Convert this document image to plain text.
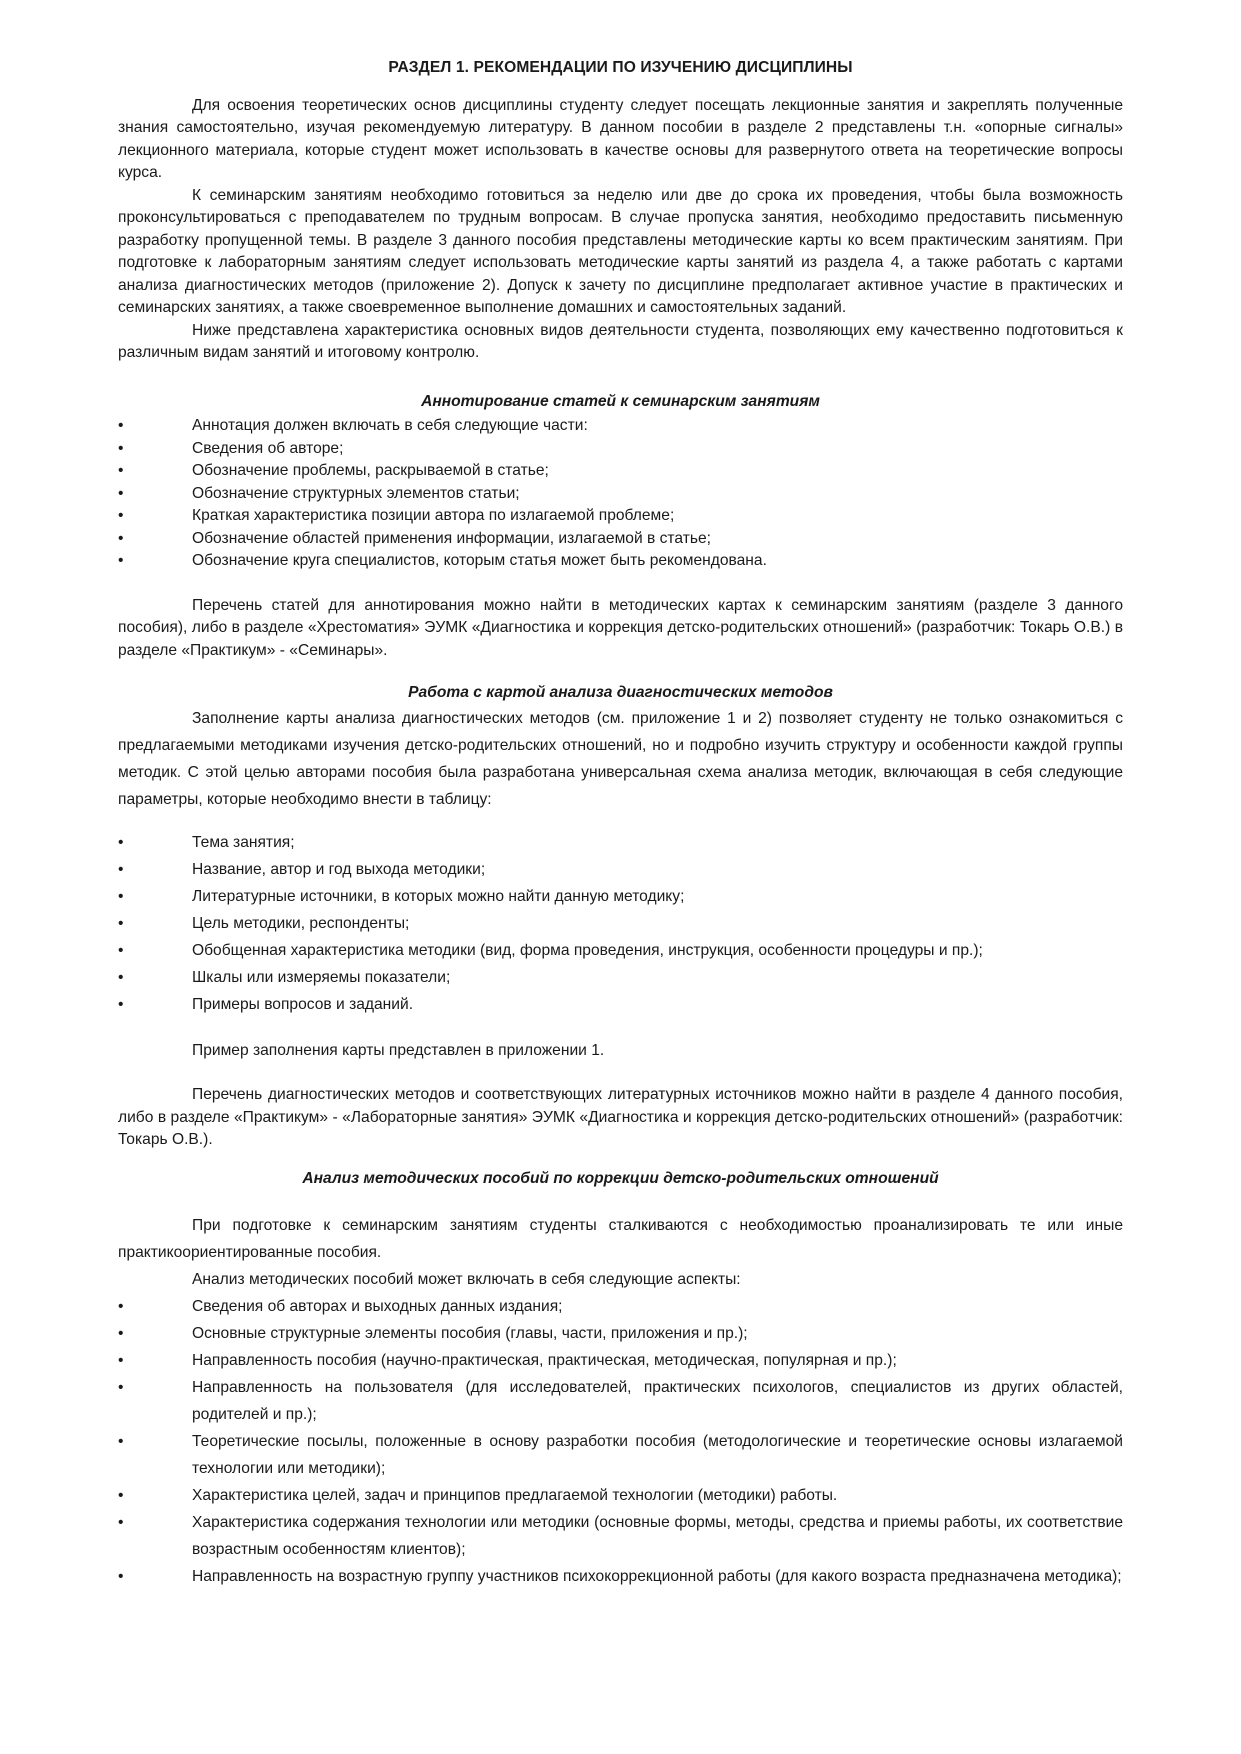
РАЗДЕЛ 1. РЕКОМЕНДАЦИИ ПО ИЗУЧЕНИЮ ДИСЦИПЛИНЫ

Для освоения теоретических основ дисциплины студенту следует посещать лекционные занятия и закреплять полученные знания самостоятельно, изучая рекомендуемую литературу. В данном пособии в разделе 2 представлены т.н. «опорные сигналы» лекционного материала, которые студент может использовать в качестве основы для развернутого ответа на теоретические вопросы курса.

К семинарским занятиям необходимо готовиться за неделю или две до срока их проведения, чтобы была возможность проконсультироваться с преподавателем по трудным вопросам. В случае пропуска занятия, необходимо предоставить письменную разработку пропущенной темы. В разделе 3 данного пособия представлены методические карты ко всем практическим занятиям. При подготовке к лабораторным занятиям следует использовать методические карты занятий из раздела 4, а также работать с картами анализа диагностических методов (приложение 2). Допуск к зачету по дисциплине предполагает активное участие в практических и семинарских занятиях, а также своевременное выполнение домашних и самостоятельных заданий.

Ниже представлена характеристика основных видов деятельности студента, позволяющих ему качественно подготовиться к различным видам занятий и итоговому контролю.

Аннотирование статей к семинарским занятиям
•	Аннотация должен включать в себя следующие части:
•	Сведения об авторе;
•	Обозначение проблемы, раскрываемой в статье;
•	Обозначение структурных элементов статьи;
•	Краткая характеристика позиции автора по излагаемой проблеме;
•	Обозначение областей применения информации, излагаемой в статье;
•	Обозначение круга специалистов, которым статья может быть рекомендована.

Перечень статей для аннотирования можно найти в методических картах к семинарским занятиям (разделе 3 данного пособия), либо в разделе «Хрестоматия» ЭУМК «Диагностика и коррекция детско-родительских отношений» (разработчик: Токарь О.В.) в разделе «Практикум» - «Семинары».

Работа с картой анализа диагностических методов

Заполнение карты анализа диагностических методов (см. приложение 1 и 2) позволяет студенту не только ознакомиться с предлагаемыми методиками изучения детско-родительских отношений, но и подробно изучить структуру и особенности каждой группы методик. С этой целью авторами пособия была разработана универсальная схема анализа методик, включающая в себя следующие параметры, которые необходимо внести в таблицу:

•	Тема занятия;
•	Название, автор и год выхода методики;
•	Литературные источники, в которых можно найти данную методику;
•	Цель методики, респонденты;
•	Обобщенная характеристика методики (вид, форма проведения, инструкция, особенности процедуры и пр.);
•	Шкалы или измеряемы показатели;
•	Примеры вопросов и заданий.

Пример заполнения карты представлен в приложении 1.

Перечень диагностических методов и соответствующих литературных источников можно найти в разделе 4 данного пособия, либо в разделе «Практикум» - «Лабораторные занятия» ЭУМК «Диагностика и коррекция детско-родительских отношений» (разработчик: Токарь О.В.).

Анализ методических пособий по коррекции детско-родительских отношений

При подготовке к семинарским занятиям студенты сталкиваются с необходимостью проанализировать те или иные практикоориентированные пособия.

Анализ методических пособий может включать в себя следующие аспекты:

•	Сведения об авторах и выходных данных издания;
•	Основные структурные элементы пособия (главы, части, приложения и пр.);
•	Направленность пособия (научно-практическая, практическая, методическая, популярная и пр.);
•	Направленность на пользователя (для исследователей, практических психологов, специалистов из других областей, родителей и пр.);
•	Теоретические посылы, положенные в основу разработки пособия (методологические и теоретические основы излагаемой технологии или методики);
•	Характеристика целей, задач и принципов предлагаемой технологии (методики) работы.
•	Характеристика содержания технологии или методики (основные формы, методы, средства и приемы работы, их соответствие возрастным особенностям клиентов);
•	Направленность на возрастную группу участников психокоррекционной работы (для какого возраста предназначена методика);
